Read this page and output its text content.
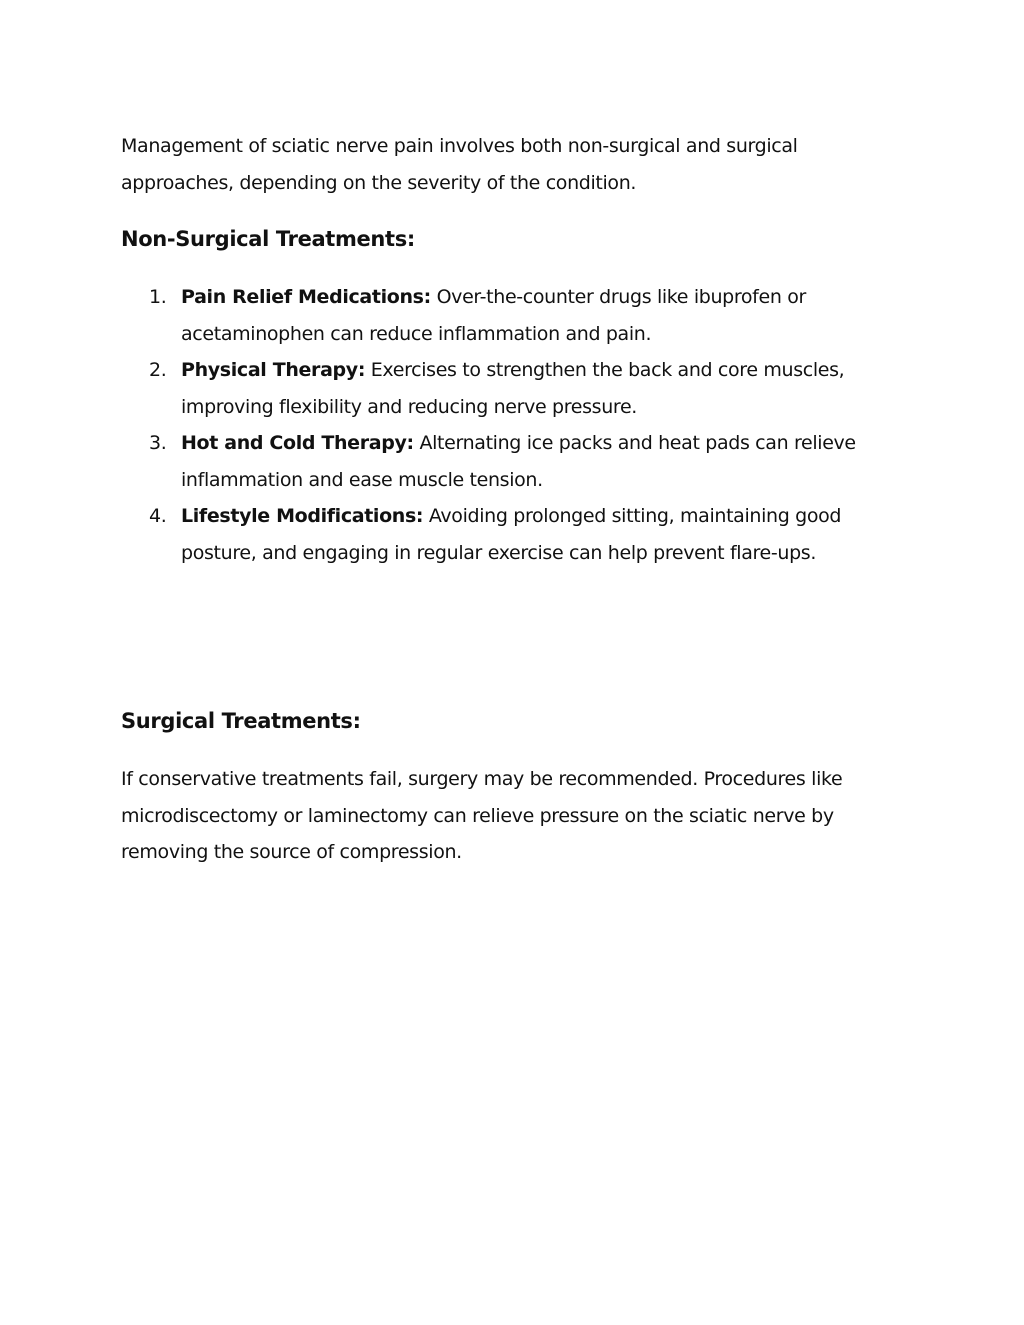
Management of sciatic nerve pain involves both non-surgical and surgical approaches, depending on the severity of the condition.

Non-Surgical Treatments:
1. Pain Relief Medications: Over-the-counter drugs like ibuprofen or acetaminophen can reduce inflammation and pain.
2. Physical Therapy: Exercises to strengthen the back and core muscles, improving flexibility and reducing nerve pressure.
3. Hot and Cold Therapy: Alternating ice packs and heat pads can relieve inflammation and ease muscle tension.
4. Lifestyle Modifications: Avoiding prolonged sitting, maintaining good posture, and engaging in regular exercise can help prevent flare-ups.
Surgical Treatments:

If conservative treatments fail, surgery may be recommended. Procedures like microdiscectomy or laminectomy can relieve pressure on the sciatic nerve by removing the source of compression.
